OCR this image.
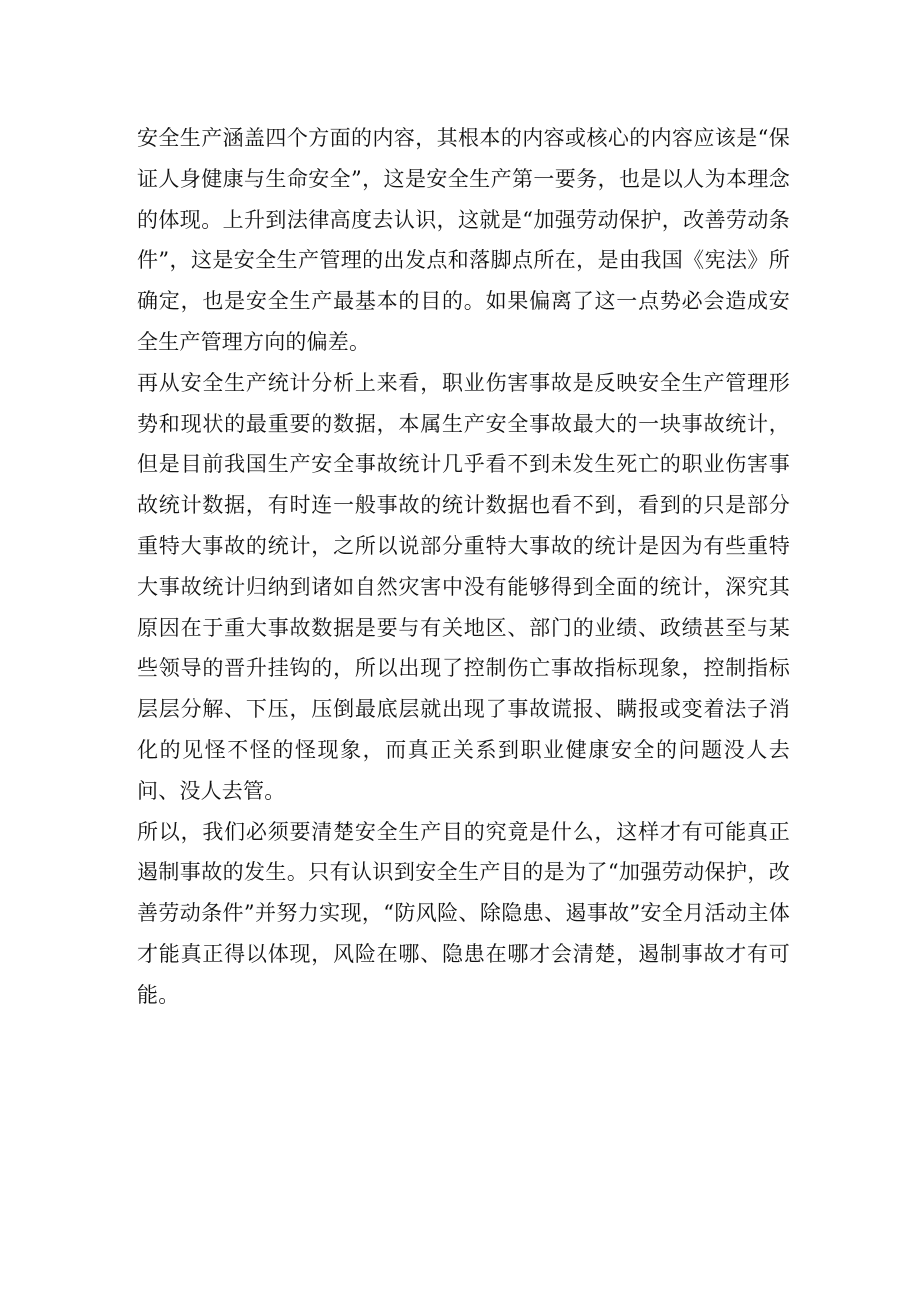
安全生产涵盖四个方面的内容，其根本的内容或核心的内容应该是“保证人身健康与生命安全”，这是安全生产第一要务，也是以人为本理念的体现。上升到法律高度去认识，这就是“加强劳动保护，改善劳动条件”，这是安全生产管理的出发点和落脚点所在，是由我国《宪法》所确定，也是安全生产最基本的目的。如果偏离了这一点势必会造成安全生产管理方向的偏差。

再从安全生产统计分析上来看，职业伤害事故是反映安全生产管理形势和现状的最重要的数据，本属生产安全事故最大的一块事故统计，但是目前我国生产安全事故统计几乎看不到未发生死亡的职业伤害事故统计数据，有时连一般事故的统计数据也看不到，看到的只是部分重特大事故的统计，之所以说部分重特大事故的统计是因为有些重特大事故统计归纳到诸如自然灾害中没有能够得到全面的统计，深究其原因在于重大事故数据是要与有关地区、部门的业绩、政绩甚至与某些领导的晋升挂钩的，所以出现了控制伤亡事故指标现象，控制指标层层分解、下压，压倒最底层就出现了事故谎报、瞒报或变着法子消化的见怪不怪的怪现象，而真正关系到职业健康安全的问题没人去问、没人去管。

所以，我们必须要清楚安全生产目的究竟是什么，这样才有可能真正遏制事故的发生。只有认识到安全生产目的是为了“加强劳动保护，改善劳动条件”并努力实现，“防风险、除隐患、遏事故”安全月活动主体才能真正得以体现，风险在哪、隐患在哪才会清楚，遏制事故才有可能。
